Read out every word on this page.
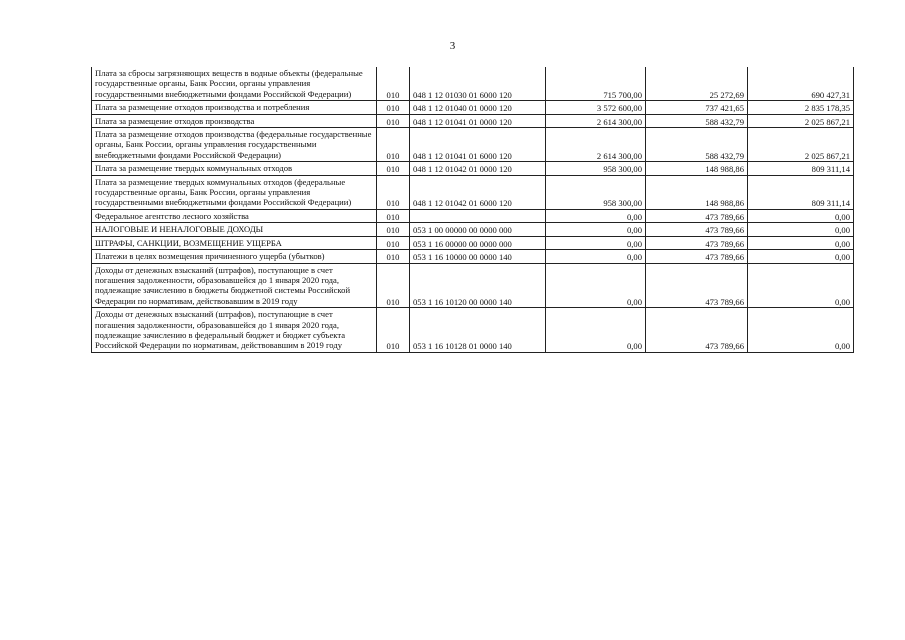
3
Плата за сбросы загрязняющих веществ в водные объекты (федеральные государственные органы, Банк России, органы управления государственными внебюджетными фондами Российской Федерации)	010	048 1 12 01030 01 6000 120	715 700,00	25 272,69	690 427,31
Плата за размещение отходов производства и потребления	010	048 1 12 01040 01 0000 120	3 572 600,00	737 421,65	2 835 178,35
Плата за размещение отходов производства	010	048 1 12 01041 01 0000 120	2 614 300,00	588 432,79	2 025 867,21
Плата за размещение отходов производства (федеральные государственные органы, Банк России, органы управления государственными внебюджетными фондами Российской Федерации)	010	048 1 12 01041 01 6000 120	2 614 300,00	588 432,79	2 025 867,21
Плата за размещение твердых коммунальных отходов	010	048 1 12 01042 01 0000 120	958 300,00	148 988,86	809 311,14
Плата за размещение твердых коммунальных отходов (федеральные государственные органы, Банк России, органы управления государственными внебюджетными фондами Российской Федерации)	010	048 1 12 01042 01 6000 120	958 300,00	148 988,86	809 311,14
Федеральное агентство лесного хозяйства	010		0,00	473 789,66	0,00
НАЛОГОВЫЕ И НЕНАЛОГОВЫЕ ДОХОДЫ	010	053 1 00 00000 00 0000 000	0,00	473 789,66	0,00
ШТРАФЫ, САНКЦИИ, ВОЗМЕЩЕНИЕ УЩЕРБА	010	053 1 16 00000 00 0000 000	0,00	473 789,66	0,00
Платежи в целях возмещения причиненного ущерба (убытков)	010	053 1 16 10000 00 0000 140	0,00	473 789,66	0,00
Доходы от денежных взысканий (штрафов), поступающие в счет погашения задолженности, образовавшейся до 1 января 2020 года, подлежащие зачислению в бюджеты бюджетной системы Российской Федерации по нормативам, действовавшим в 2019 году	010	053 1 16 10120 00 0000 140	0,00	473 789,66	0,00
Доходы от денежных взысканий (штрафов), поступающие в счет погашения задолженности, образовавшейся до 1 января 2020 года, подлежащие зачислению в федеральный бюджет и бюджет субъекта Российской Федерации по нормативам, действовавшим в 2019 году	010	053 1 16 10128 01 0000 140	0,00	473 789,66	0,00
